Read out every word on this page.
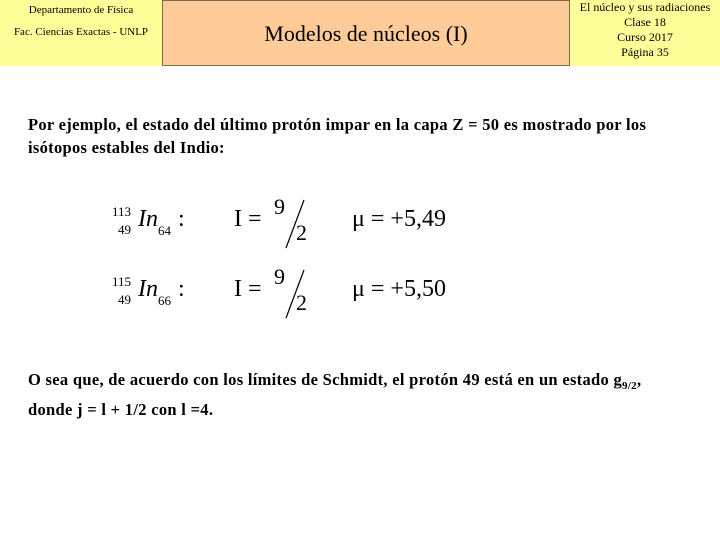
Departamento de Física
Fac. Ciencias Exactas - UNLP	Modelos de núcleos (I)
El núcleo y sus radiaciones
Clase 18
Curso 2017
Página 35
Por ejemplo, el estado del último protón impar en la capa Z = 50 es mostrado por los isótopos estables del Indio:
113
49 In 64 : I = 9
2
μ = +5,49
115
49 In 66 : I = 9
2
μ = +5,50
O sea que, de acuerdo con los límites de Schmidt, el protón 49 está en un estado $g_{9/2}$, donde j = l + 1/2 con l =4.
